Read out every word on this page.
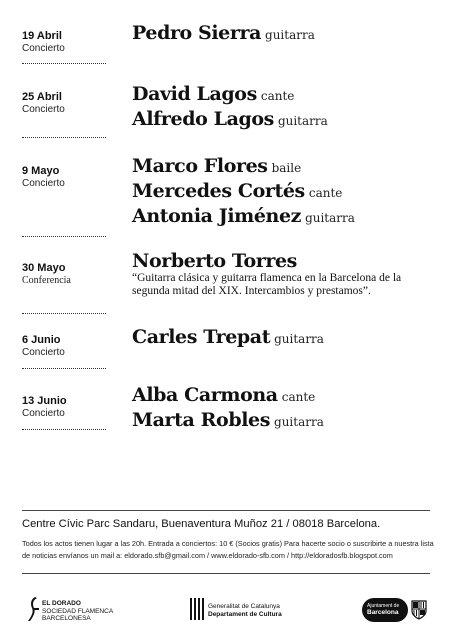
19 Abril
Concierto
Pedro Sierra guitarra
25 Abril
Concierto
David Lagos cante
Alfredo Lagos guitarra
9 Mayo
Concierto
Marco Flores baile
Mercedes Cortés cante
Antonia Jiménez guitarra
30 Mayo
Conferencia
Norberto Torres
“Guitarra clásica y guitarra flamenca en la Barcelona de la segunda mitad del XIX. Intercambios y prestamos”.
6 Junio
Concierto
Carles Trepat guitarra
13 Junio
Concierto
Alba Carmona cante
Marta Robles guitarra
Centre Cívic Parc Sandaru, Buenaventura Muñoz 21 / 08018 Barcelona.
Todos los actos tienen lugar a las 20h. Entrada a conciertos: 10 € (Socios gratis) Para hacerte socio o suscribirte a nuestra lista
de noticias envíanos un mail a: eldorado.sfb@gmail.com / www.eldorado-sfb.com / http://eldoradosfb.blogspot.com
EL DORADO
SOCIEDAD FLAMENCA
BARCELONESA
Generalitat de Catalunya
Departament de Cultura
Ajuntament de
Barcelona
